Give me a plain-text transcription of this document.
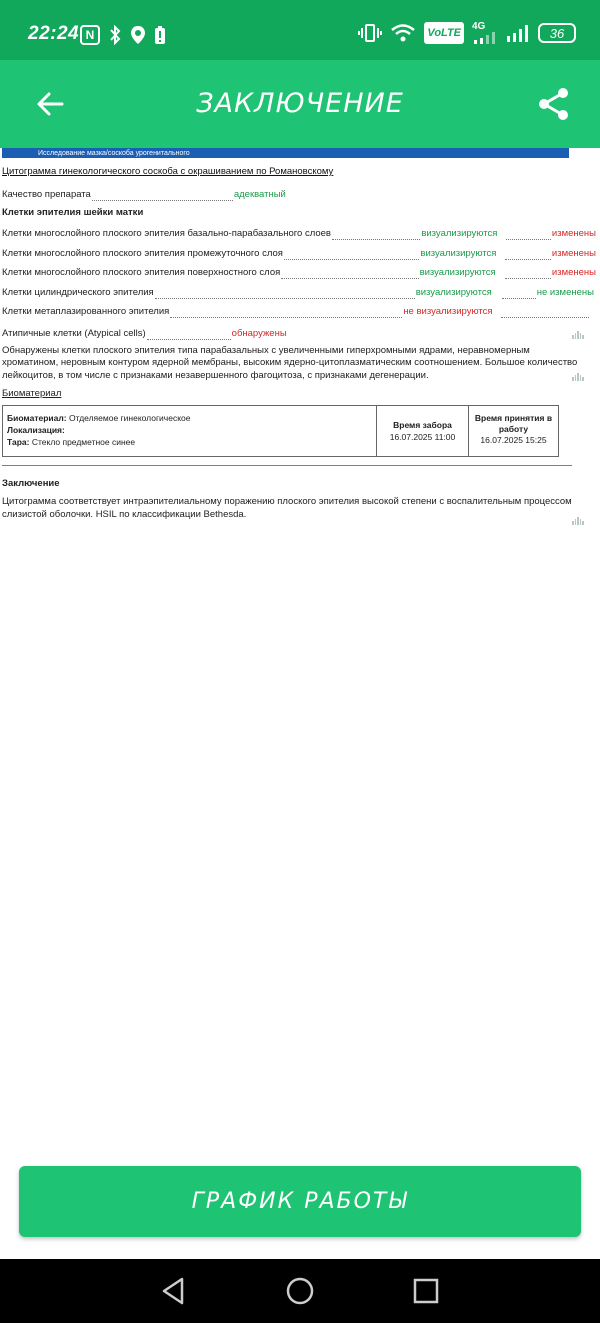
22:24 N	VoLTE
4G	36
ЗАКЛЮЧЕНИЕ
Исследование мазка/соскоба урогенитального
Цитограмма гинекологического соскоба с окрашиванием по Романовскому
Качество препарата	адекватный
Клетки эпителия шейки матки
Клетки многослойного плоского эпителия базально-парабазального слоев	визуализируются	изменены
Клетки многослойного плоского эпителия промежуточного слоя	визуализируются	изменены
Клетки многослойного плоского эпителия поверхностного слоя	визуализируются	изменены
Клетки цилиндрического эпителия	визуализируются	не изменены
Клетки метаплазированного эпителия	не визуализируются
Атипичные клетки (Atypical cells)	обнаружены
Обнаружены клетки плоского эпителия типа парабазальных с увеличенными гиперхромными ядрами, неравномерным хроматином, неровным контуром ядерной мембраны, высоким ядерно-цитоплазматическим соотношением. Большое количество лейкоцитов, в том числе с признаками незавершенного фагоцитоза, с признаками дегенерации.
Биоматериал
Биоматериал: Отделяемое гинекологическое
Локализация:
Тара: Стекло предметное синее
Время забора
16.07.2025 11:00
Время принятия в работу
16.07.2025 15:25
Заключение
Цитограмма соответствует интраэпителиальному поражению плоского эпителия высокой степени с воспалительным процессом слизистой оболочки. HSIL по классификации Bethesda.
ГРАФИК РАБОТЫ
